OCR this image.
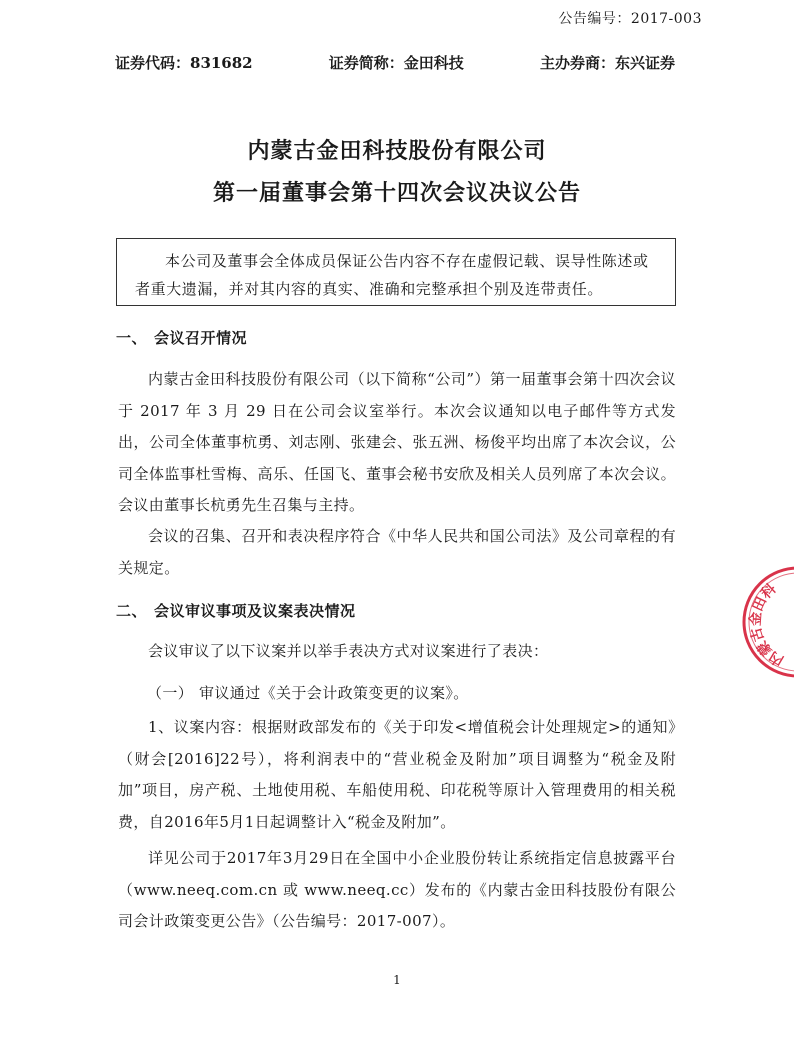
公告编号：2017-003
证券代码：831682	证券简称：金田科技	主办券商：东兴证券
内蒙古金田科技股份有限公司
第一届董事会第十四次会议决议公告
本公司及董事会全体成员保证公告内容不存在虚假记载、误导性陈述或者重大遗漏，并对其内容的真实、准确和完整承担个别及连带责任。
一、 会议召开情况
内蒙古金田科技股份有限公司（以下简称“公司”）第一届董事会第十四次会议于 2017 年 3 月 29 日在公司会议室举行。本次会议通知以电子邮件等方式发出，公司全体董事杭勇、刘志刚、张建会、张五洲、杨俊平均出席了本次会议，公司全体监事杜雪梅、高乐、任国飞、董事会秘书安欣及相关人员列席了本次会议。会议由董事长杭勇先生召集与主持。
会议的召集、召开和表决程序符合《中华人民共和国公司法》及公司章程的有关规定。
二、 会议审议事项及议案表决情况
会议审议了以下议案并以举手表决方式对议案进行了表决：
（一） 审议通过《关于会计政策变更的议案》。
1、议案内容：根据财政部发布的《关于印发<增值税会计处理规定>的通知》（财会[2016]22号），将利润表中的“营业税金及附加”项目调整为“税金及附加”项目，房产税、土地使用税、车船使用税、印花税等原计入管理费用的相关税费，自2016年5月1日起调整计入“税金及附加”。
详见公司于2017年3月29日在全国中小企业股份转让系统指定信息披露平台（www.neeq.com.cn 或 www.neeq.cc）发布的《内蒙古金田科技股份有限公司会计政策变更公告》（公告编号：2017-007）。
1
内蒙古金田科
